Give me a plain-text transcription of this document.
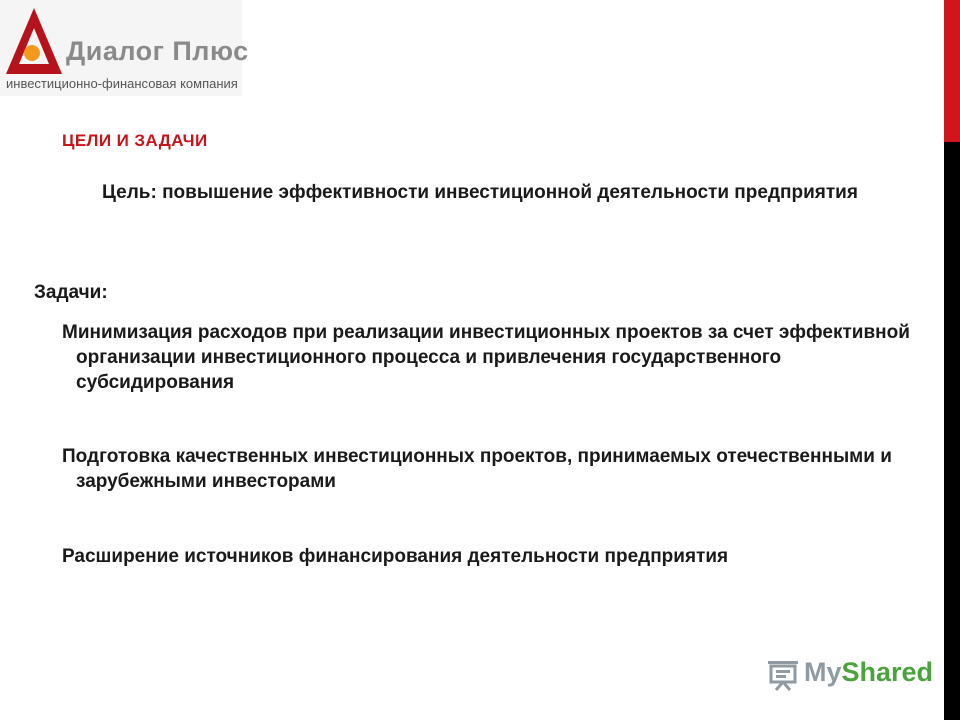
Диалог Плюс
инвестиционно-финансовая компания
ЦЕЛИ И ЗАДАЧИ
Цель: повышение эффективности инвестиционной деятельности предприятия
Задачи:
Минимизация расходов при реализации инвестиционных проектов за счет эффективной организации инвестиционного процесса и привлечения государственного субсидирования
Подготовка качественных инвестиционных проектов, принимаемых отечественными и зарубежными инвесторами
Расширение источников финансирования деятельности предприятия
MyShared
